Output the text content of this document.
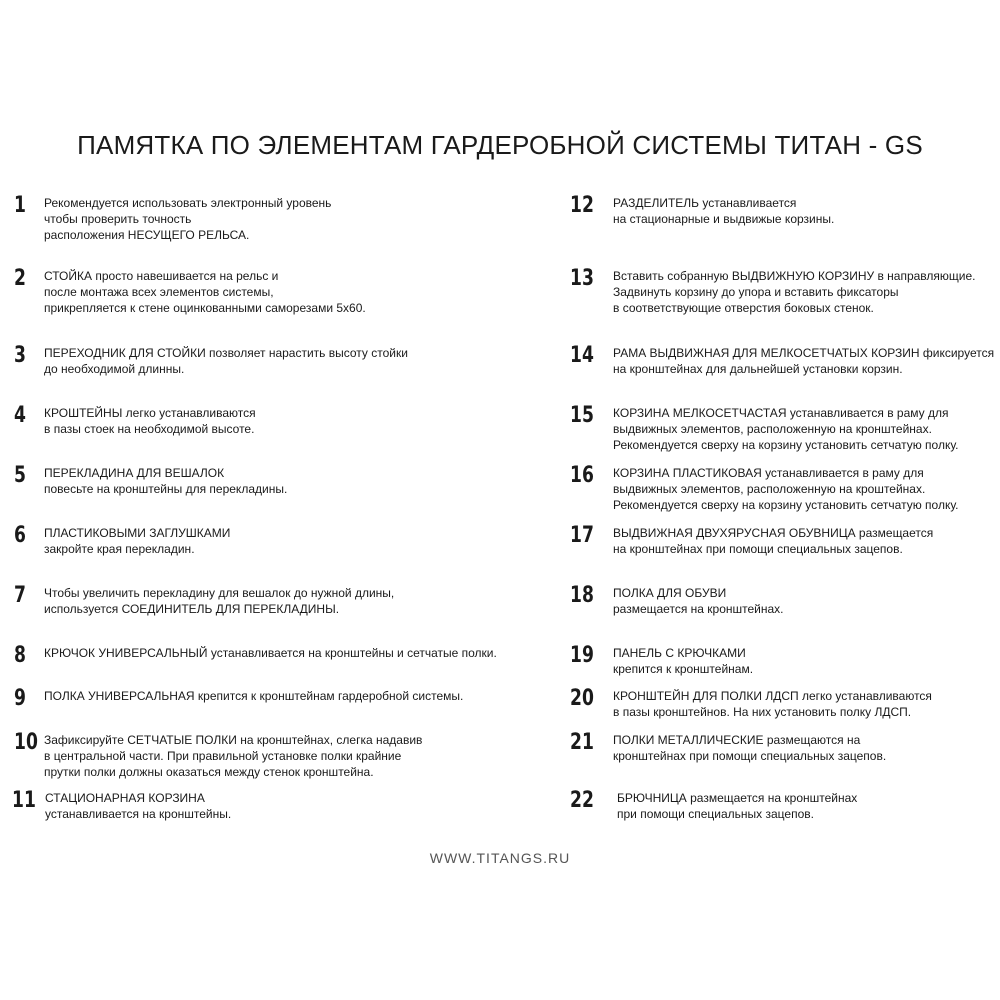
ПАМЯТКА ПО ЭЛЕМЕНТАМ ГАРДЕРОБНОЙ СИСТЕМЫ ТИТАН - GS
1 Рекомендуется использовать электронный уровень
чтобы проверить точность
расположения НЕСУЩЕГО РЕЛЬСА.
2 СТОЙКА просто навешивается на рельс и
после монтажа всех элементов системы,
прикрепляется к стене оцинкованными саморезами 5х60.
3 ПЕРЕХОДНИК ДЛЯ СТОЙКИ позволяет нарастить высоту стойки
до необходимой длинны.
4 КРОШТЕЙНЫ легко устанавливаются
в пазы стоек на необходимой высоте.
5 ПЕРЕКЛАДИНА ДЛЯ ВЕШАЛОК
повесьте на кронштейны для перекладины.
6 ПЛАСТИКОВЫМИ ЗАГЛУШКАМИ
закройте края перекладин.
7 Чтобы увеличить перекладину для вешалок до нужной длины,
используется СОЕДИНИТЕЛЬ ДЛЯ ПЕРЕКЛАДИНЫ.
8 КРЮЧОК УНИВЕРСАЛЬНЫЙ устанавливается на кронштейны и сетчатые полки.
9 ПОЛКА УНИВЕРСАЛЬНАЯ крепится к кронштейнам гардеробной системы.
10 Зафиксируйте СЕТЧАТЫЕ ПОЛКИ на кронштейнах, слегка надавив
в центральной части. При правильной установке полки крайние
прутки полки должны оказаться между стенок кронштейна.
11 СТАЦИОНАРНАЯ КОРЗИНА
устанавливается на кронштейны.
12 РАЗДЕЛИТЕЛЬ устанавливается
на стационарные и выдвижые корзины.
13 Вставить собранную ВЫДВИЖНУЮ КОРЗИНУ в направляющие.
Задвинуть корзину до упора и вставить фиксаторы
в соответствующие отверстия боковых стенок.
14 РАМА ВЫДВИЖНАЯ ДЛЯ МЕЛКОСЕТЧАТЫХ КОРЗИН фиксируется
на кронштейнах для дальнейшей установки корзин.
15 КОРЗИНА МЕЛКОСЕТЧАСТАЯ устанавливается в раму для
выдвижных элементов, расположенную на кронштейнах.
Рекомендуется сверху на корзину установить сетчатую полку.
16 КОРЗИНА ПЛАСТИКОВАЯ устанавливается в раму для
выдвижных элементов, расположенную на кроштейнах.
Рекомендуется сверху на корзину установить сетчатую полку.
17 ВЫДВИЖНАЯ ДВУХЯРУСНАЯ ОБУВНИЦА размещается
на кронштейнах при помощи специальных зацепов.
18 ПОЛКА ДЛЯ ОБУВИ
размещается на кронштейнах.
19 ПАНЕЛЬ С КРЮЧКАМИ
крепится к кронштейнам.
20 КРОНШТЕЙН ДЛЯ ПОЛКИ ЛДСП легко устанавливаются
в пазы кронштейнов. На них установить полку ЛДСП.
21 ПОЛКИ МЕТАЛЛИЧЕСКИЕ размещаются на
кронштейнах при помощи специальных зацепов.
22 БРЮЧНИЦА размещается на кронштейнах
при помощи специальных зацепов.
WWW.TITANGS.RU
